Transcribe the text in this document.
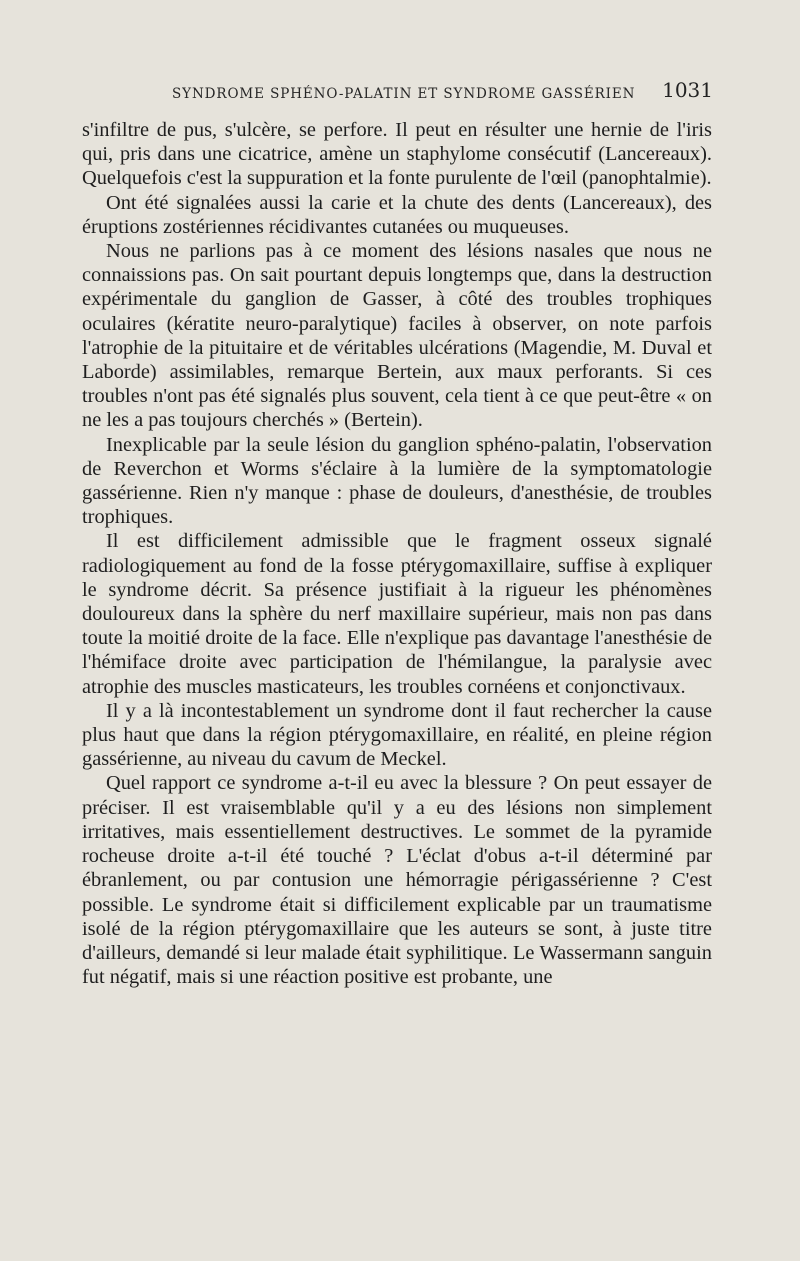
SYNDROME SPHÉNO-PALATIN ET SYNDROME GASSÉRIEN 1031

s'infiltre de pus, s'ulcère, se perfore. Il peut en résulter une hernie de l'iris qui, pris dans une cicatrice, amène un staphylome consécutif (Lancereaux). Quelquefois c'est la suppuration et la fonte purulente de l'œil (panophtalmie).

Ont été signalées aussi la carie et la chute des dents (Lancereaux), des éruptions zostériennes récidivantes cutanées ou muqueuses.

Nous ne parlions pas à ce moment des lésions nasales que nous ne connaissions pas. On sait pourtant depuis longtemps que, dans la destruction expérimentale du ganglion de Gasser, à côté des troubles trophiques oculaires (kératite neuro-paralytique) faciles à observer, on note parfois l'atrophie de la pituitaire et de véritables ulcérations (Magendie, M. Duval et Laborde) assimilables, remarque Bertein, aux maux perforants. Si ces troubles n'ont pas été signalés plus souvent, cela tient à ce que peut-être « on ne les a pas toujours cherchés » (Bertein).

Inexplicable par la seule lésion du ganglion sphéno-palatin, l'observation de Reverchon et Worms s'éclaire à la lumière de la symptomatologie gassérienne. Rien n'y manque : phase de douleurs, d'anesthésie, de troubles trophiques.

Il est difficilement admissible que le fragment osseux signalé radiologiquement au fond de la fosse ptérygomaxillaire, suffise à expliquer le syndrome décrit. Sa présence justifiait à la rigueur les phénomènes douloureux dans la sphère du nerf maxillaire supérieur, mais non pas dans toute la moitié droite de la face. Elle n'explique pas davantage l'anesthésie de l'hémiface droite avec participation de l'hémilangue, la paralysie avec atrophie des muscles masticateurs, les troubles cornéens et conjonctivaux.

Il y a là incontestablement un syndrome dont il faut rechercher la cause plus haut que dans la région ptérygomaxillaire, en réalité, en pleine région gassérienne, au niveau du cavum de Meckel.

Quel rapport ce syndrome a-t-il eu avec la blessure ? On peut essayer de préciser. Il est vraisemblable qu'il y a eu des lésions non simplement irritatives, mais essentiellement destructives. Le sommet de la pyramide rocheuse droite a-t-il été touché ? L'éclat d'obus a-t-il déterminé par ébranlement, ou par contusion une hémorragie périgassérienne ? C'est possible. Le syndrome était si difficilement explicable par un traumatisme isolé de la région ptérygomaxillaire que les auteurs se sont, à juste titre d'ailleurs, demandé si leur malade était syphilitique. Le Wassermann sanguin fut négatif, mais si une réaction positive est probante, une
